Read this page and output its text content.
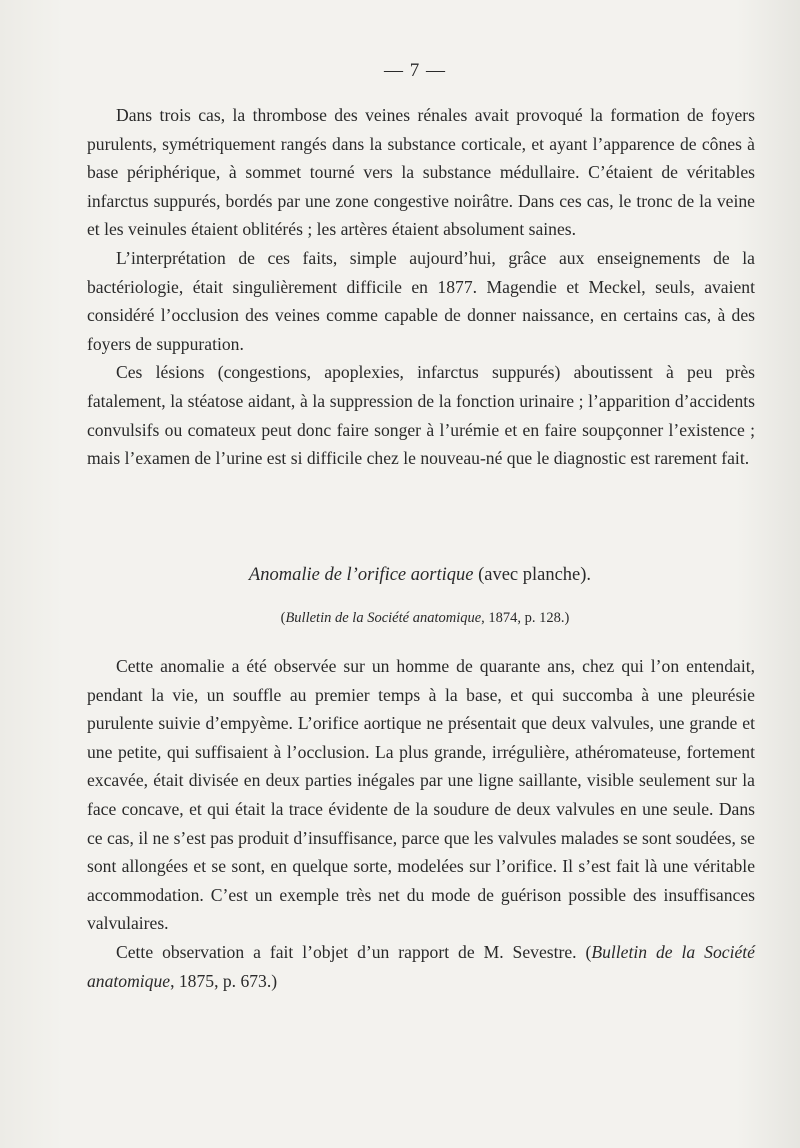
— 7 —

Dans trois cas, la thrombose des veines rénales avait provoqué la formation de foyers purulents, symétriquement rangés dans la substance corticale, et ayant l’apparence de cônes à base périphérique, à sommet tourné vers la substance médullaire. C’étaient de véritables infarctus suppurés, bordés par une zone congestive noirâtre. Dans ces cas, le tronc de la veine et les veinules étaient oblitérés ; les artères étaient absolument saines.

L’interprétation de ces faits, simple aujourd’hui, grâce aux enseignements de la bactériologie, était singulièrement difficile en 1877. Magendie et Meckel, seuls, avaient considéré l’occlusion des veines comme capable de donner naissance, en certains cas, à des foyers de suppuration.

Ces lésions (congestions, apoplexies, infarctus suppurés) aboutissent à peu près fatalement, la stéatose aidant, à la suppression de la fonction urinaire ; l’apparition d’accidents convulsifs ou comateux peut donc faire songer à l’urémie et en faire soupçonner l’existence ; mais l’examen de l’urine est si difficile chez le nouveau-né que le diagnostic est rarement fait.

Anomalie de l’orifice aortique (avec planche).
(Bulletin de la Société anatomique, 1874, p. 128.)

Cette anomalie a été observée sur un homme de quarante ans, chez qui l’on entendait, pendant la vie, un souffle au premier temps à la base, et qui succomba à une pleurésie purulente suivie d’empyème. L’orifice aortique ne présentait que deux valvules, une grande et une petite, qui suffisaient à l’occlusion. La plus grande, irrégulière, athéromateuse, fortement excavée, était divisée en deux parties inégales par une ligne saillante, visible seulement sur la face concave, et qui était la trace évidente de la soudure de deux valvules en une seule. Dans ce cas, il ne s’est pas produit d’insuffisance, parce que les valvules malades se sont soudées, se sont allongées et se sont, en quelque sorte, modelées sur l’orifice. Il s’est fait là une véritable accommodation. C’est un exemple très net du mode de guérison possible des insuffisances valvulaires.

Cette observation a fait l’objet d’un rapport de M. Sevestre. (Bulletin de la Société anatomique, 1875, p. 673.)
